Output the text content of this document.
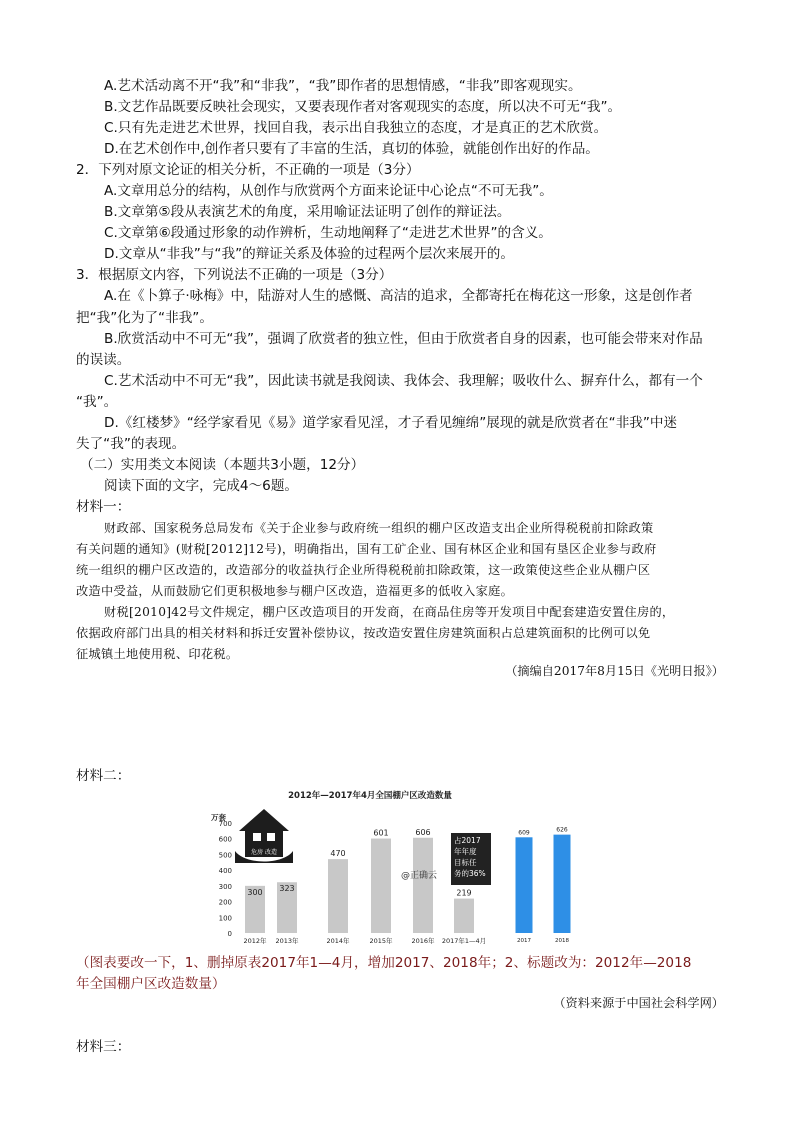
A.艺术活动离不开“我”和“非我”，“我”即作者的思想情感，“非我”即客观现实。
B.文艺作品既要反映社会现实，又要表现作者对客观现实的态度，所以决不可无“我”。
C.只有先走进艺术世界，找回自我，表示出自我独立的态度，才是真正的艺术欣赏。
D.在艺术创作中,创作者只要有了丰富的生活，真切的体验，就能创作出好的作品。
2．下列对原文论证的相关分析，不正确的一项是（3分）
A.文章用总分的结构，从创作与欣赏两个方面来论证中心论点“不可无我”。
B.文章第⑤段从表演艺术的角度，采用喻证法证明了创作的辩证法。
C.文章第⑥段通过形象的动作辨析，生动地阐释了“走进艺术世界”的含义。
D.文章从“非我”与“我”的辩证关系及体验的过程两个层次来展开的。
3．根据原文内容，下列说法不正确的一项是（3分）
A.在《卜算子·咏梅》中，陆游对人生的感慨、高洁的追求，全都寄托在梅花这一形象，这是创作者
把“我”化为了“非我”。
B.欣赏活动中不可无“我”，强调了欣赏者的独立性，但由于欣赏者自身的因素，也可能会带来对作品
的误读。
C.艺术活动中不可无“我”，因此读书就是我阅读、我体会、我理解；吸收什么、摒弃什么，都有一个
“我”。
D.《红楼梦》“经学家看见《易》道学家看见淫，才子看见缠绵”展现的就是欣赏者在“非我”中迷
失了“我”的表现。
（二）实用类文本阅读（本题共3小题，12分）
阅读下面的文字，完成4～6题。
材料一：
财政部、国家税务总局发布《关于企业参与政府统一组织的棚户区改造支出企业所得税税前扣除政策
有关问题的通知》(财税[2012]12号)，明确指出，国有工矿企业、国有林区企业和国有垦区企业参与政府
统一组织的棚户区改造的，改造部分的收益执行企业所得税税前扣除政策，这一政策使这些企业从棚户区
改造中受益，从而鼓励它们更积极地参与棚户区改造，造福更多的低收入家庭。
财税[2010]42号文件规定，棚户区改造项目的开发商，在商品住房等开发项目中配套建造安置住房的，
依据政府部门出具的相关材料和拆迁安置补偿协议，按改造安置住房建筑面积占总建筑面积的比例可以免
征城镇土地使用税、印花税。
（摘编自2017年8月15日《光明日报》）
材料二：
2012年—2017年4月全国棚户区改造数量
万套
0
100
200
300
400
500
600
700
300 323
470
601	606
219
2012年 2013年	2014年	2015年	2016年 2017年1—4月
危房 改造
占2017 年年度目标任务的36%
@正确云
609	626
2017	2018
（图表要改一下，1、删掉原表2017年1—4月，增加2017、2018年；2、标题改为：2012年—2018
年全国棚户区改造数量）
（资料来源于中国社会科学网）
材料三：
